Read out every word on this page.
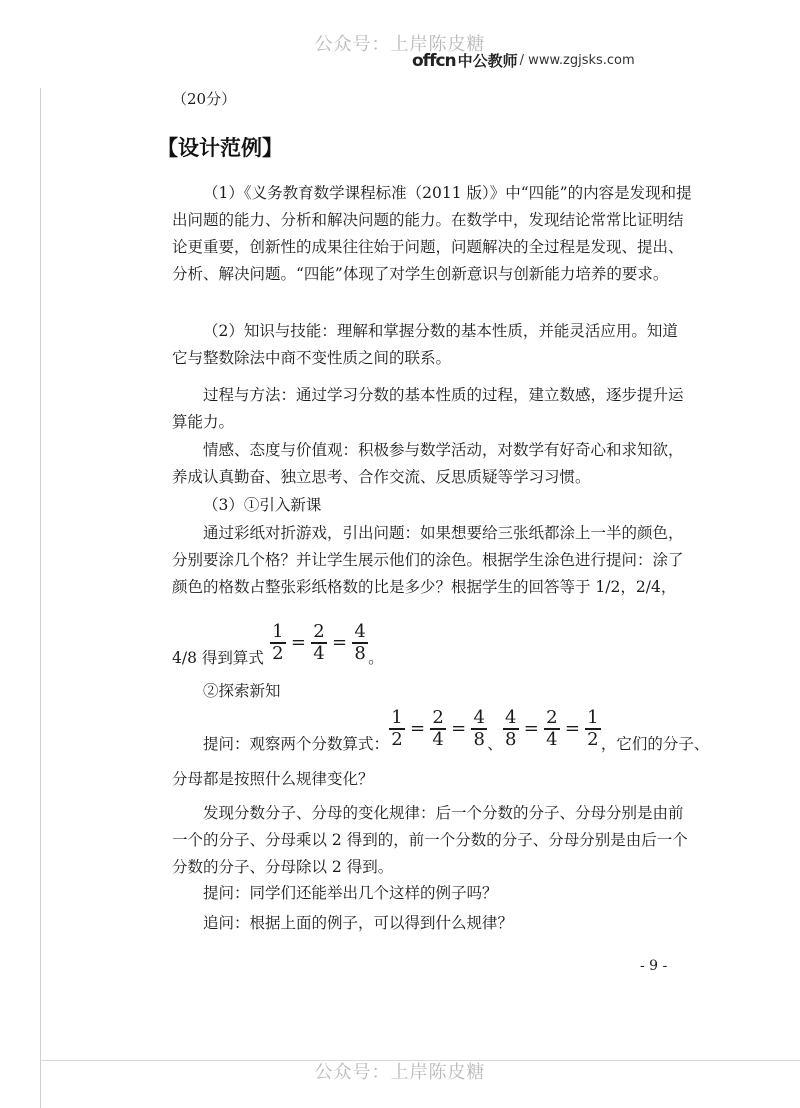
公众号：上岸陈皮糖
offcn 中公教师 / www.zgjsks.com
（20分）
【设计范例】

（1）《义务教育数学课程标准（2011 版）》中“四能”的内容是发现和提出问题的能力、分析和解决问题的能力。在数学中，发现结论常常比证明结论更重要，创新性的成果往往始于问题，问题解决的全过程是发现、提出、分析、解决问题。“四能”体现了对学生创新意识与创新能力培养的要求。

（2）知识与技能：理解和掌握分数的基本性质，并能灵活应用。知道它与整数除法中商不变性质之间的联系。

过程与方法：通过学习分数的基本性质的过程，建立数感，逐步提升运算能力。

情感、态度与价值观：积极参与数学活动，对数学有好奇心和求知欲，养成认真勤奋、独立思考、合作交流、反思质疑等学习习惯。

（3）①引入新课

通过彩纸对折游戏，引出问题：如果想要给三张纸都涂上一半的颜色，分别要涂几个格？并让学生展示他们的涂色。根据学生涂色进行提问：涂了颜色的格数占整张彩纸格数的比是多少？根据学生的回答等于 1/2，2/4，

4/8 得到算式 $\frac{1}{2} = \frac{2}{4} = \frac{4}{8}$ 。

②探索新知

提问：观察两个分数算式： $\frac{1}{2} = \frac{2}{4} = \frac{4}{8}$ 、 $\frac{4}{8} = \frac{2}{4} = \frac{1}{2}$ ，它们的分子、

分母都是按照什么规律变化？

发现分数分子、分母的变化规律：后一个分数的分子、分母分别是由前一个的分子、分母乘以 2 得到的，前一个分数的分子、分母分别是由后一个分数的分子、分母除以 2 得到。

提问：同学们还能举出几个这样的例子吗？

追问：根据上面的例子，可以得到什么规律？

- 9 -
公众号：上岸陈皮糖
